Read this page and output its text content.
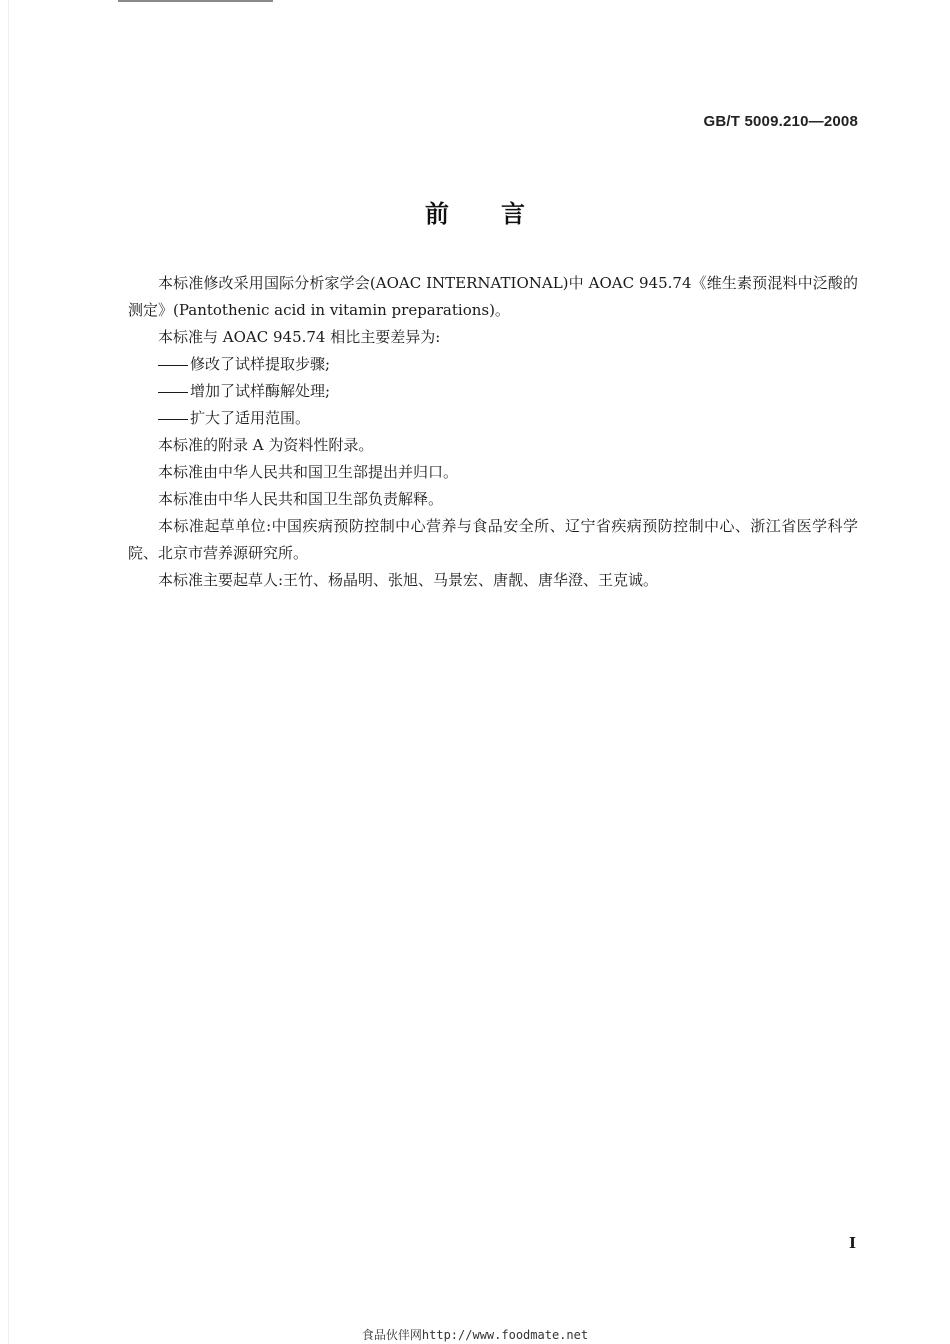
GB/T 5009.210—2008
前言

本标准修改采用国际分析家学会(AOAC INTERNATIONAL)中 AOAC 945.74《维生素预混料中泛酸的测定》(Pantothenic acid in vitamin preparations)。

本标准与 AOAC 945.74 相比主要差异为:

修改了试样提取步骤;

增加了试样酶解处理;

扩大了适用范围。

本标准的附录 A 为资料性附录。

本标准由中华人民共和国卫生部提出并归口。

本标准由中华人民共和国卫生部负责解释。

本标准起草单位:中国疾病预防控制中心营养与食品安全所、辽宁省疾病预防控制中心、浙江省医学科学院、北京市营养源研究所。

本标准主要起草人:王竹、杨晶明、张旭、马景宏、唐靓、唐华澄、王克诚。

I
食品伙伴网http://www.foodmate.net
